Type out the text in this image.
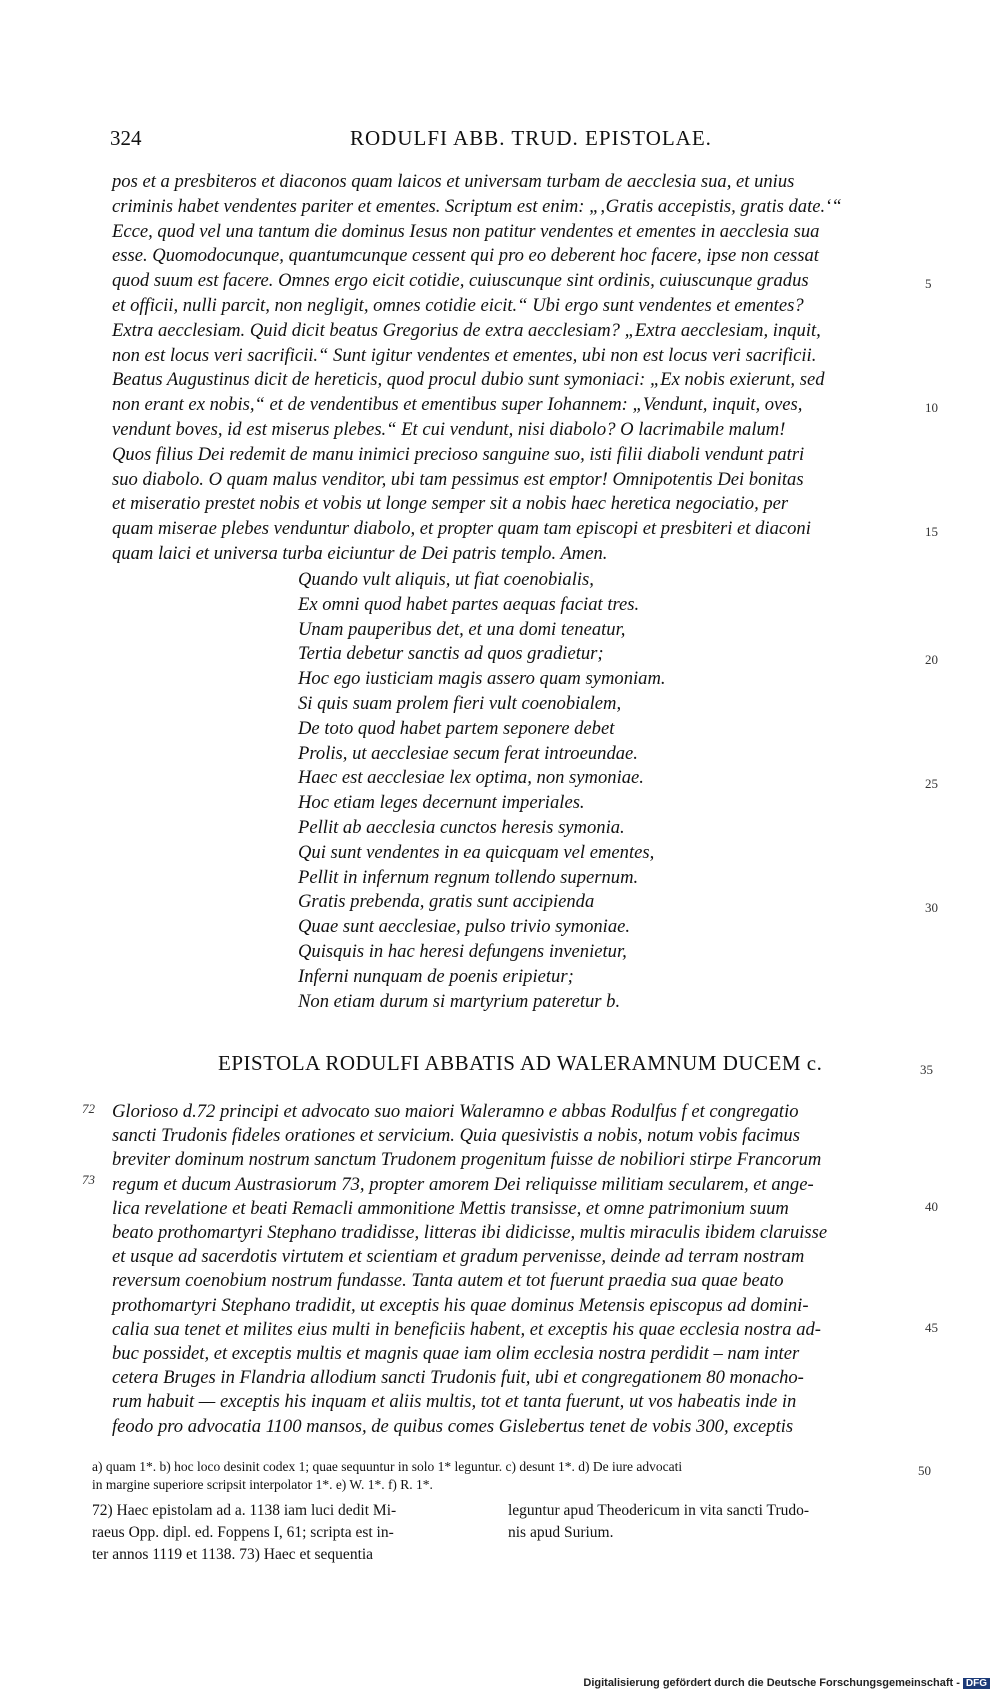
324	RODULFI ABB. TRUD. EPISTOLAE.
pos et a presbiteros et diaconos quam laicos et universam turbam de aecclesia sua, et unius
criminis habet vendentes pariter et ementes. Scriptum est enim: „‚Gratis accepistis, gratis date.‘“
Ecce, quod vel una tantum die dominus Iesus non patitur vendentes et ementes in aecclesia sua
esse. Quomodocunque, quantumcunque cessent qui pro eo deberent hoc facere, ipse non cessat
quod suum est facere. Omnes ergo eicit cotidie, cuiuscunque sint ordinis, cuiuscunque gradus
et officii, nulli parcit, non negligit, omnes cotidie eicit.“ Ubi ergo sunt vendentes et ementes?
Extra aecclesiam. Quid dicit beatus Gregorius de extra aecclesiam? „Extra aecclesiam, inquit,
non est locus veri sacrificii.“ Sunt igitur vendentes et ementes, ubi non est locus veri sacrificii.
Beatus Augustinus dicit de hereticis, quod procul dubio sunt symoniaci: „Ex nobis exierunt, sed
non erant ex nobis,“ et de vendentibus et ementibus super Iohannem: „Vendunt, inquit, oves,
vendunt boves, id est miserus plebes.“ Et cui vendunt, nisi diabolo? O lacrimabile malum!
Quos filius Dei redemit de manu inimici precioso sanguine suo, isti filii diaboli vendunt patri
suo diabolo. O quam malus venditor, ubi tam pessimus est emptor! Omnipotentis Dei bonitas
et miseratio prestet nobis et vobis ut longe semper sit a nobis haec heretica negociatio, per
quam miserae plebes venduntur diabolo, et propter quam tam episcopi et presbiteri et diaconi
quam laici et universa turba eiciuntur de Dei patris templo. Amen.
Quando vult aliquis, ut fiat coenobialis,
Ex omni quod habet partes aequas faciat tres.
Unam pauperibus det, et una domi teneatur,
Tertia debetur sanctis ad quos gradietur;
Hoc ego iusticiam magis assero quam symoniam.
Si quis suam prolem fieri vult coenobialem,
De toto quod habet partem seponere debet
Prolis, ut aecclesiae secum ferat introeundae.
Haec est aecclesiae lex optima, non symoniae.
Hoc etiam leges decernunt imperiales.
Pellit ab aecclesia cunctos heresis symonia.
Qui sunt vendentes in ea quicquam vel ementes,
Pellit in infernum regnum tollendo supernum.
Gratis prebenda, gratis sunt accipienda
Quae sunt aecclesiae, pulso trivio symoniae.
Quisquis in hac heresi defungens invenietur,
Inferni nunquam de poenis eripietur;
Non etiam durum si martyrium pateretur b.
EPISTOLA RODULFI ABBATIS AD WALERAMNUM DUCEM c.	35
Glorioso d.72 principi et advocato suo maiori Waleramno e abbas Rodulfus f et congregatio
sancti Trudonis fideles orationes et servicium. Quia quesivistis a nobis, notum vobis facimus
breviter dominum nostrum sanctum Trudonem progenitum fuisse de nobiliori stirpe Francorum
regum et ducum Austrasiorum 73, propter amorem Dei reliquisse militiam secularem, et ange-
lica revelatione et beati Remacli ammonitione Mettis transisse, et omne patrimonium suum
beato prothomartyri Stephano tradidisse, litteras ibi didicisse, multis miraculis ibidem claruisse
et usque ad sacerdotis virtutem et scientiam et gradum pervenisse, deinde ad terram nostram
reversum coenobium nostrum fundasse. Tanta autem et tot fuerunt praedia sua quae beato
prothomartyri Stephano tradidit, ut exceptis his quae dominus Metensis episcopus ad domini-
calia sua tenet et milites eius multi in beneficiis habent, et exceptis his quae ecclesia nostra ad-
buc possidet, et exceptis multis et magnis quae iam olim ecclesia nostra perdidit – nam inter
cetera Bruges in Flandria allodium sancti Trudonis fuit, ubi et congregationem 80 monacho-
rum habuit — exceptis his inquam et aliis multis, tot et tanta fuerunt, ut vos habeatis inde in
feodo pro advocatia 1100 mansos, de quibus comes Gislebertus tenet de vobis 300, exceptis
72
73
a) quam 1*. b) hoc loco desinit codex 1; quae sequuntur in solo 1* leguntur. c) desunt 1*. d) De iure advocati
in margine superiore scripsit interpolator 1*. e) W. 1*. f) R. 1*.
50
72) Haec epistolam ad a. 1138 iam luci dedit Mi-
raeus Opp. dipl. ed. Foppens I, 61; scripta est in-
ter annos 1119 et 1138. 73) Haec et sequentia
leguntur apud Theodericum in vita sancti Trudo-
nis apud Surium.
Digitalisierung gefördert durch die Deutsche Forschungsgemeinschaft - DFG
5
10
15
20
25
30
40
45
